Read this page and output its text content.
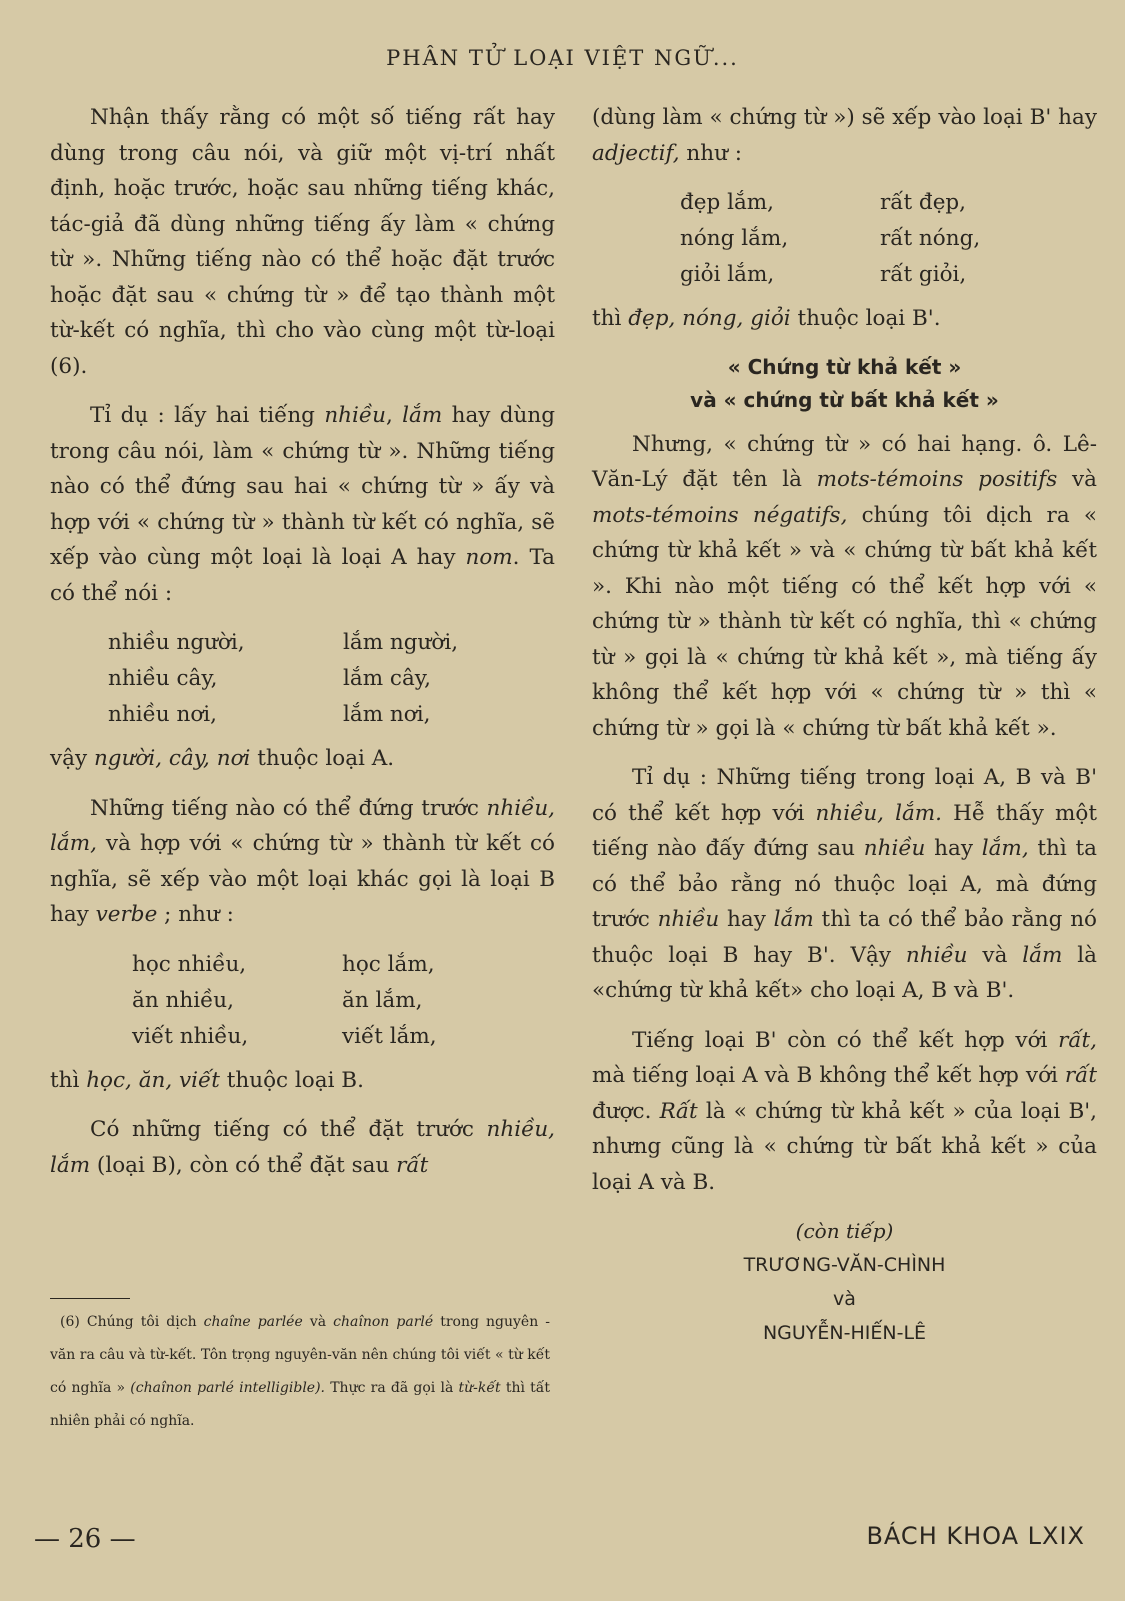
PHÂN TỬ LOẠI VIỆT NGỮ...

Nhận thấy rằng có một số tiếng rất hay dùng trong câu nói, và giữ một vị-trí nhất định, hoặc trước, hoặc sau những tiếng khác, tác-giả đã dùng những tiếng ấy làm « chứng từ ». Những tiếng nào có thể hoặc đặt trước hoặc đặt sau « chứng từ » để tạo thành một từ-kết có nghĩa, thì cho vào cùng một từ-loại (6).

Tỉ dụ : lấy hai tiếng nhiều, lắm hay dùng trong câu nói, làm « chứng từ ». Những tiếng nào có thể đứng sau hai « chứng từ » ấy và hợp với « chứng từ » thành từ kết có nghĩa, sẽ xếp vào cùng một loại là loại A hay nom. Ta có thể nói :

nhiều người,	lắm người,
nhiều cây,	lắm cây,
nhiều nơi,	lắm nơi,

vậy người, cây, nơi thuộc loại A.

Những tiếng nào có thể đứng trước nhiều, lắm, và hợp với « chứng từ » thành từ kết có nghĩa, sẽ xếp vào một loại khác gọi là loại B hay verbe ; như :

học nhiều,	học lắm,
ăn nhiều,	ăn lắm,
viết nhiều,	viết lắm,

thì học, ăn, viết thuộc loại B.

Có những tiếng có thể đặt trước nhiều, lắm (loại B), còn có thể đặt sau rất

(6) Chúng tôi dịch chaîne parlée và chaînon parlé trong nguyên - văn ra câu và từ-kết. Tôn trọng nguyên-văn nên chúng tôi viết « từ kết có nghĩa » (chaînon parlé intelligible). Thực ra đã gọi là từ-kết thì tất nhiên phải có nghĩa.

(dùng làm « chứng từ ») sẽ xếp vào loại B' hay adjectif, như :

đẹp lắm,	rất đẹp,
nóng lắm,	rất nóng,
giỏi lắm,	rất giỏi,

thì đẹp, nóng, giỏi thuộc loại B'.

« Chứng từ khả kết »
và « chứng từ bất khả kết »

Nhưng, « chứng từ » có hai hạng. ô. Lê-Văn-Lý đặt tên là mots-témoins positifs và mots-témoins négatifs, chúng tôi dịch ra « chứng từ khả kết » và « chứng từ bất khả kết ». Khi nào một tiếng có thể kết hợp với « chứng từ » thành từ kết có nghĩa, thì « chứng từ » gọi là « chứng từ khả kết », mà tiếng ấy không thể kết hợp với « chứng từ » thì « chứng từ » gọi là « chứng từ bất khả kết ».

Tỉ dụ : Những tiếng trong loại A, B và B' có thể kết hợp với nhiều, lắm. Hễ thấy một tiếng nào đấy đứng sau nhiều hay lắm, thì ta có thể bảo rằng nó thuộc loại A, mà đứng trước nhiều hay lắm thì ta có thể bảo rằng nó thuộc loại B hay B'. Vậy nhiều và lắm là «chứng từ khả kết» cho loại A, B và B'.

Tiếng loại B' còn có thể kết hợp với rất, mà tiếng loại A và B không thể kết hợp với rất được. Rất là « chứng từ khả kết » của loại B', nhưng cũng là « chứng từ bất khả kết » của loại A và B.

(còn tiếp)
TRƯƠNG-VĂN-CHÌNH
và
NGUYỄN-HIẾN-LÊ
— 26 —	BÁCH KHOA LXIX
